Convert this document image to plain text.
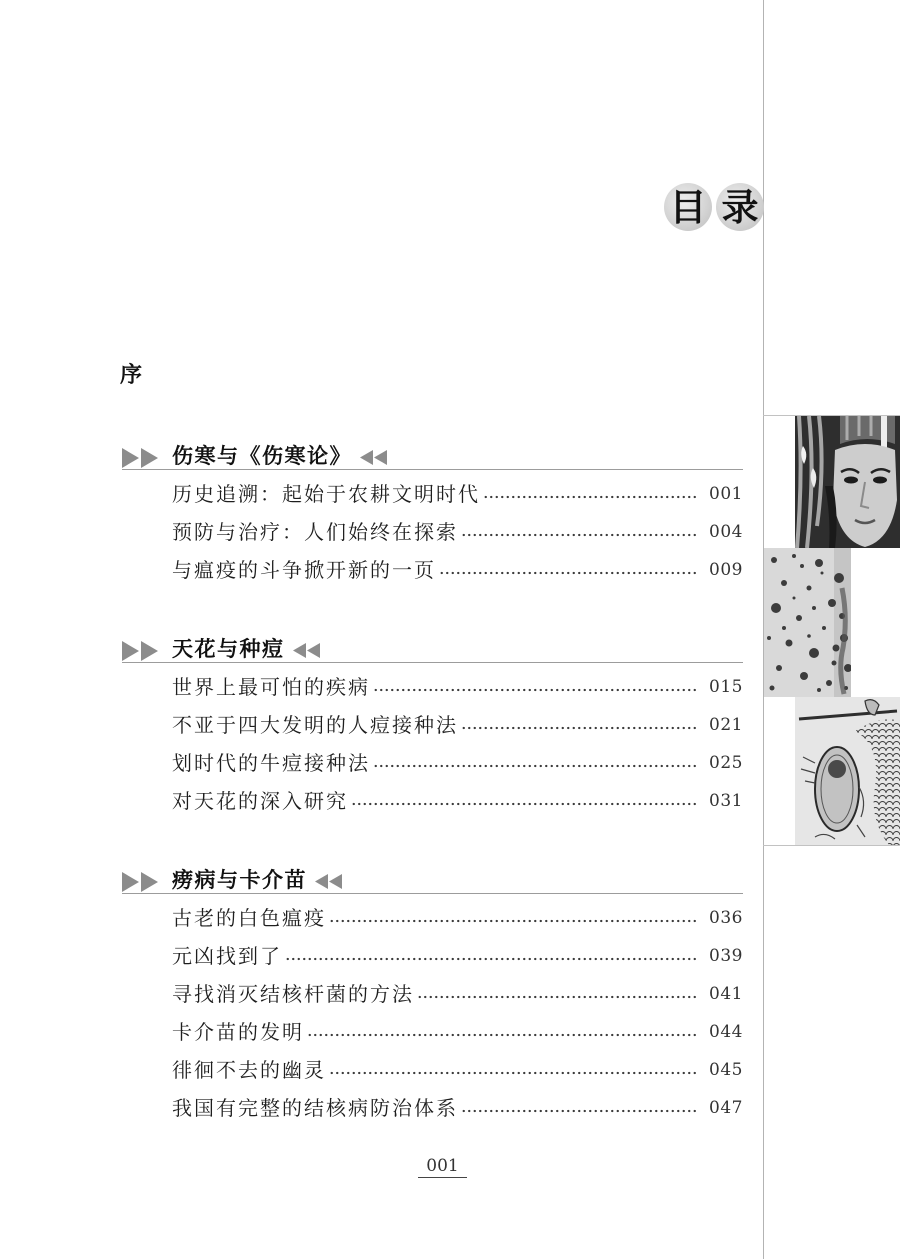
目 录
序
伤寒与《伤寒论》
历史追溯：起始于农耕文明时代	001
预防与治疗：人们始终在探索	004
与瘟疫的斗争掀开新的一页	009
天花与种痘
世界上最可怕的疾病	015
不亚于四大发明的人痘接种法	021
划时代的牛痘接种法	025
对天花的深入研究	031
痨病与卡介苗
古老的白色瘟疫	036
元凶找到了	039
寻找消灭结核杆菌的方法	041
卡介苗的发明	044
徘徊不去的幽灵	045
我国有完整的结核病防治体系	047
001
